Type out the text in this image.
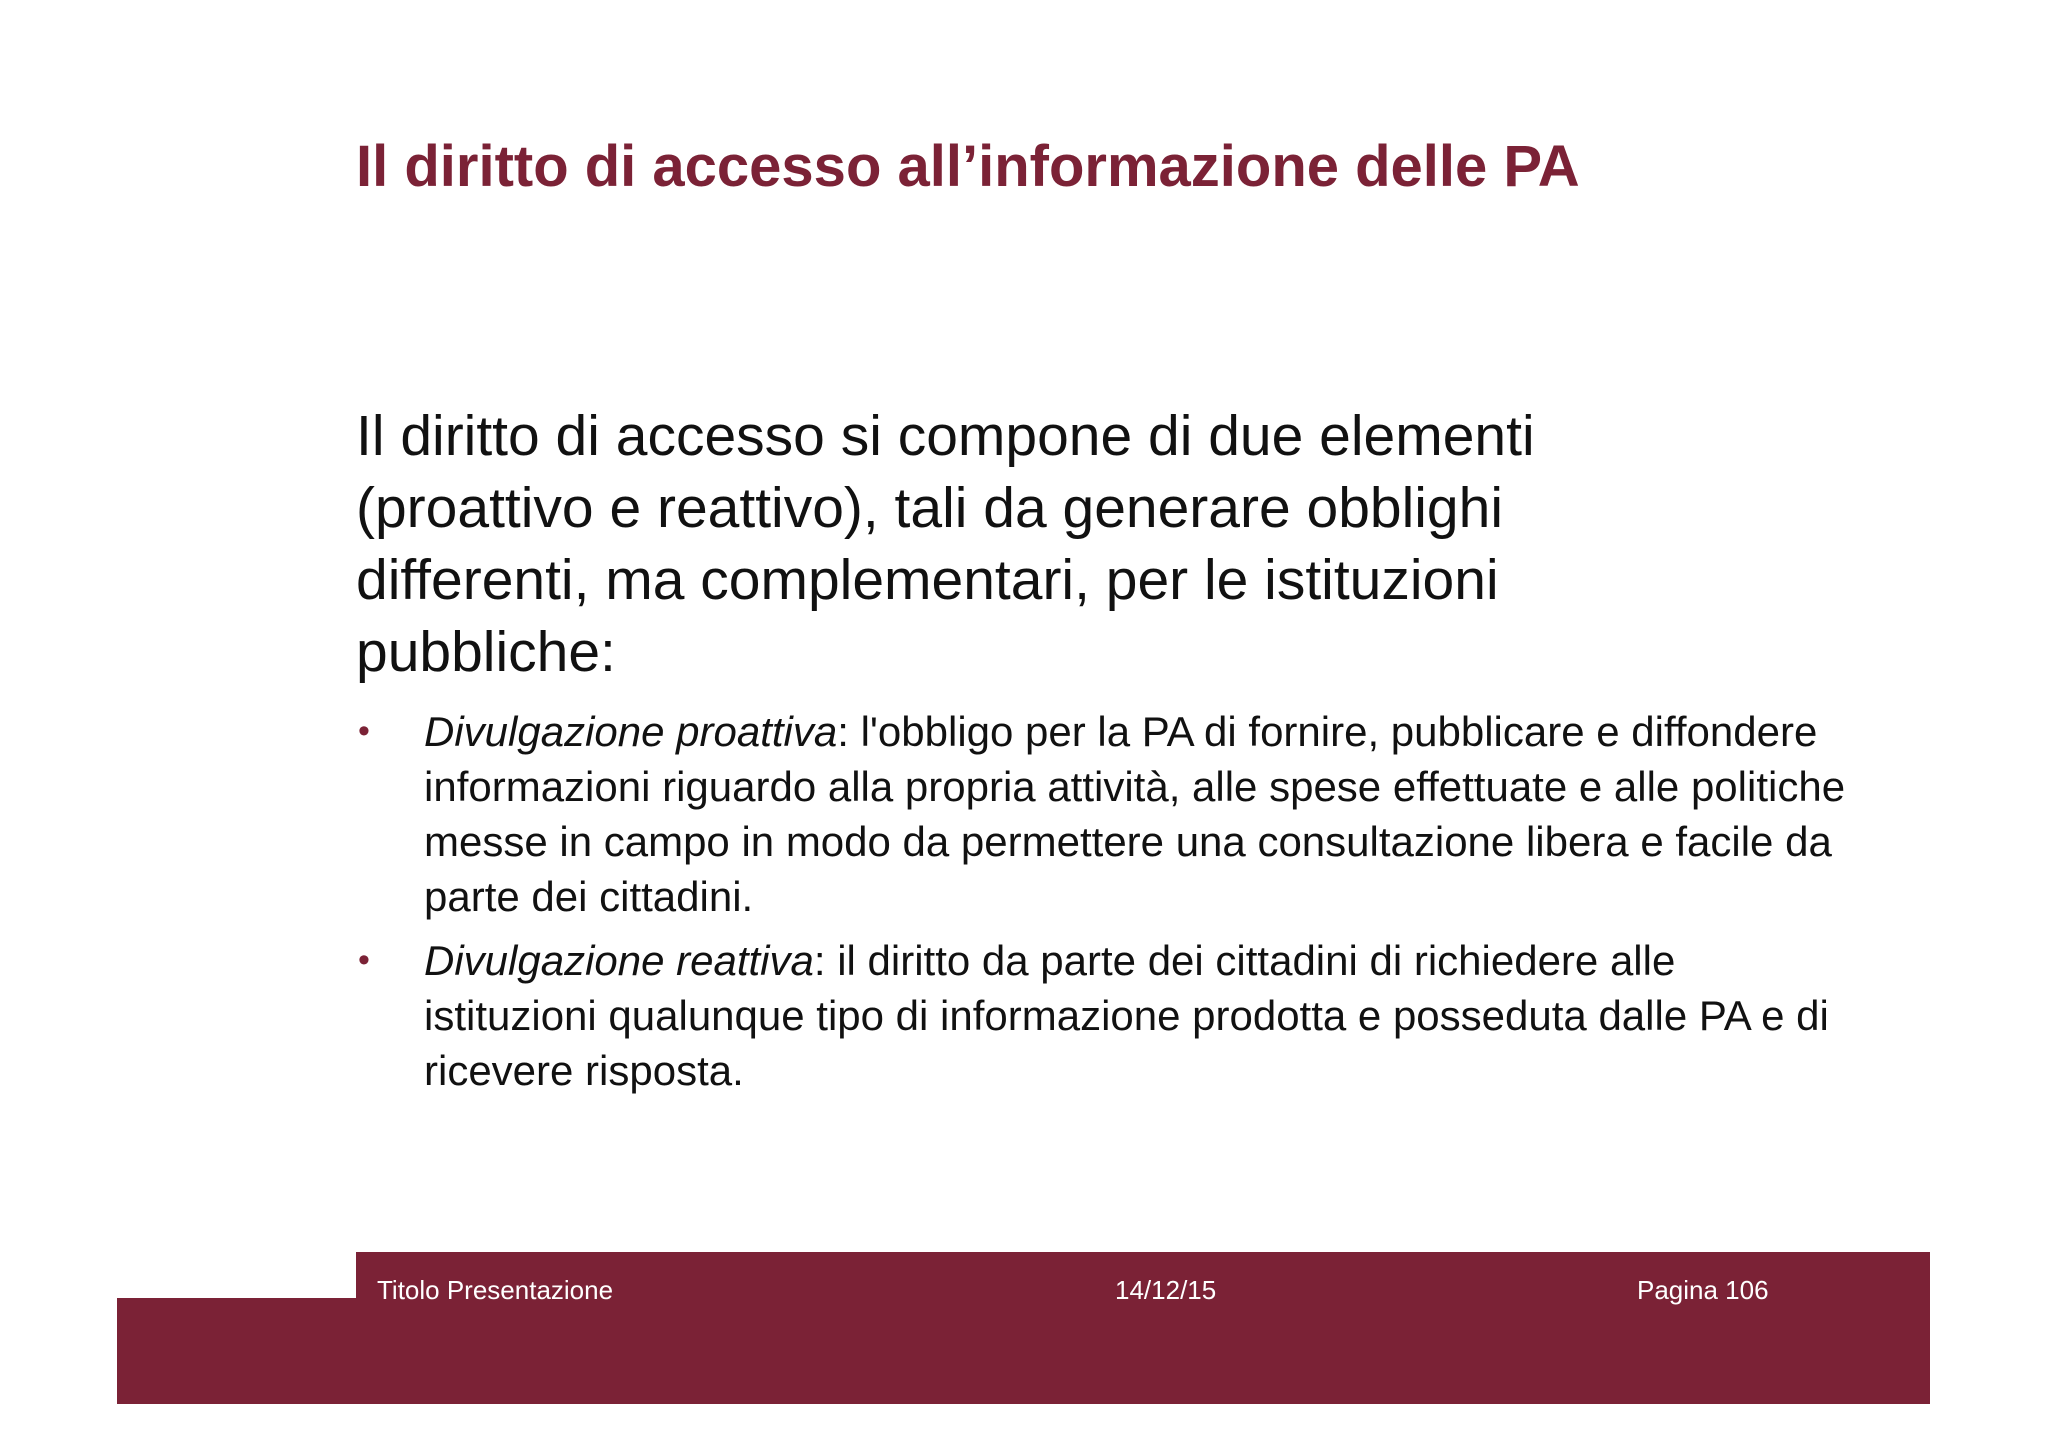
Il diritto di accesso all’informazione delle PA

Il diritto di accesso si compone di due elementi (proattivo e reattivo), tali da generare obblighi differenti, ma complementari, per le istituzioni pubbliche:

• Divulgazione proattiva: l'obbligo per la PA di fornire, pubblicare e diffondere informazioni riguardo alla propria attività, alle spese effettuate e alle politiche messe in campo in modo da permettere una consultazione libera e facile da parte dei cittadini.
• Divulgazione reattiva: il diritto da parte dei cittadini di richiedere alle istituzioni qualunque tipo di informazione prodotta e posseduta dalle PA e di ricevere risposta.
Titolo Presentazione	14/12/15	Pagina 106
